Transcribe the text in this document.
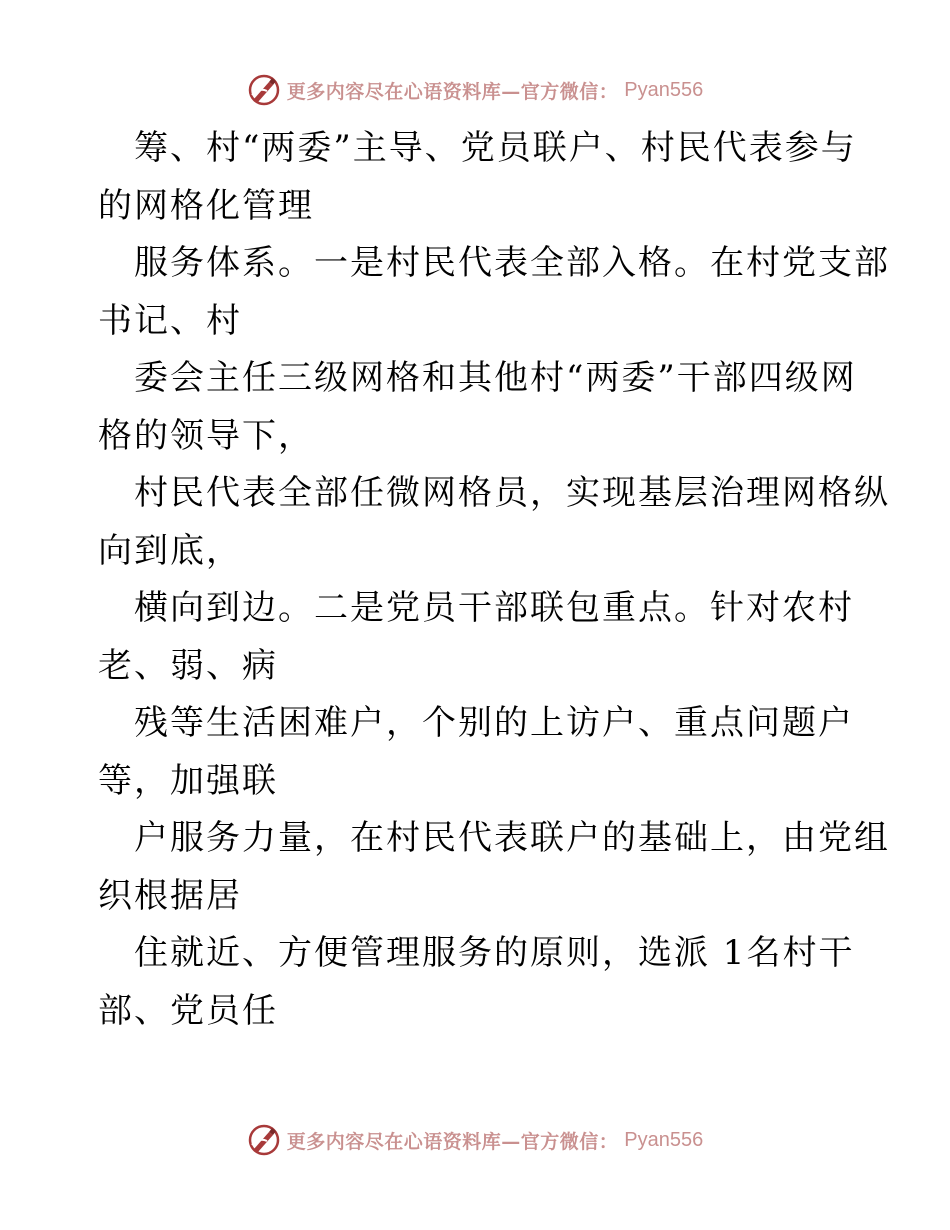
更多内容尽在心语资料库—官方微信： Pyan556
筹、村“两委”主导、党员联户、村民代表参与
的网格化管理
服务体系。一是村民代表全部入格。在村党支部
书记、村
委会主任三级网格和其他村“两委”干部四级网
格的领导下，
村民代表全部任微网格员，实现基层治理网格纵
向到底，
横向到边。二是党员干部联包重点。针对农村
老、弱、病
残等生活困难户，个别的上访户、重点问题户
等，加强联
户服务力量，在村民代表联户的基础上，由党组
织根据居
住就近、方便管理服务的原则，选派 1名村干
部、党员任
更多内容尽在心语资料库—官方微信： Pyan556
